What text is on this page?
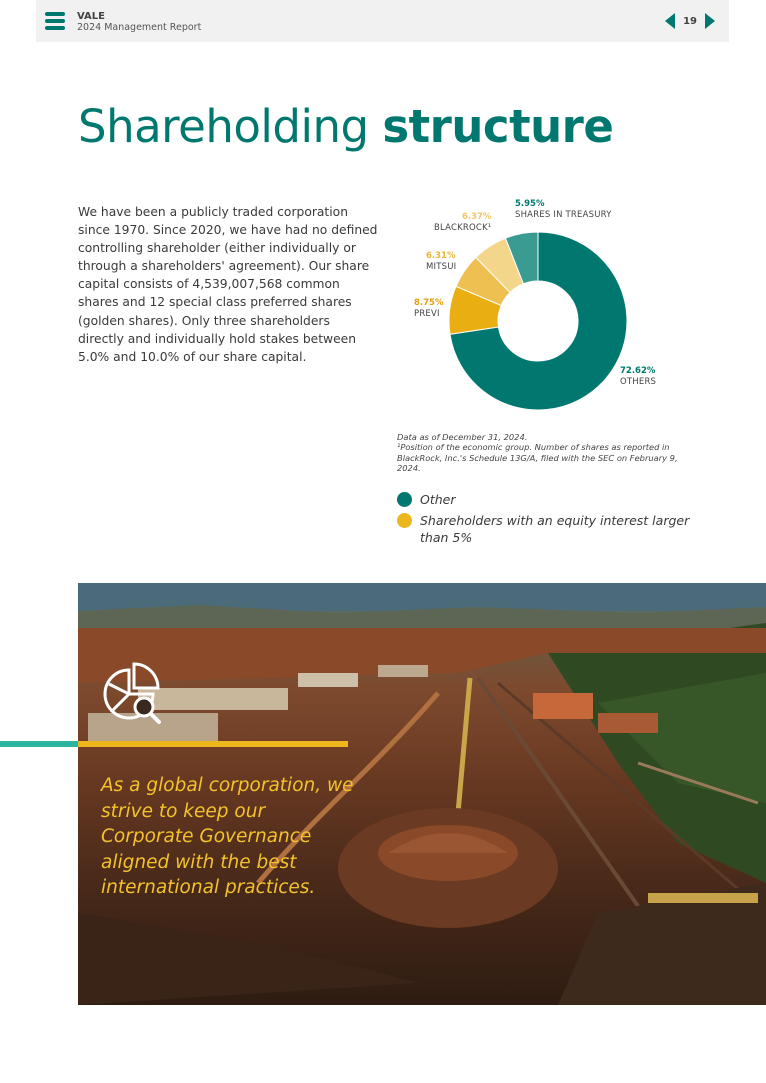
VALE
2024 Management Report
19
Shareholding structure

We have been a publicly traded corporation since 1970. Since 2020, we have had no defined controlling shareholder (either individually or through a shareholders' agreement). Our share capital consists of 4,539,007,568 common shares and 12 special class preferred shares (golden shares). Only three shareholders directly and individually hold stakes between 5.0% and 10.0% of our share capital.

5.95%
SHARES IN TREASURY
6.37%
BLACKROCK¹
6.31%
MITSUI
8.75%
PREVI
72.62%
OTHERS

Data as of December 31, 2024.
¹Position of the economic group. Number of shares as reported in BlackRock, Inc.'s Schedule 13G/A, filed with the SEC on February 9, 2024.

Other
Shareholders with an equity interest larger than 5%

As a global corporation, we strive to keep our Corporate Governance aligned with the best international practices.
